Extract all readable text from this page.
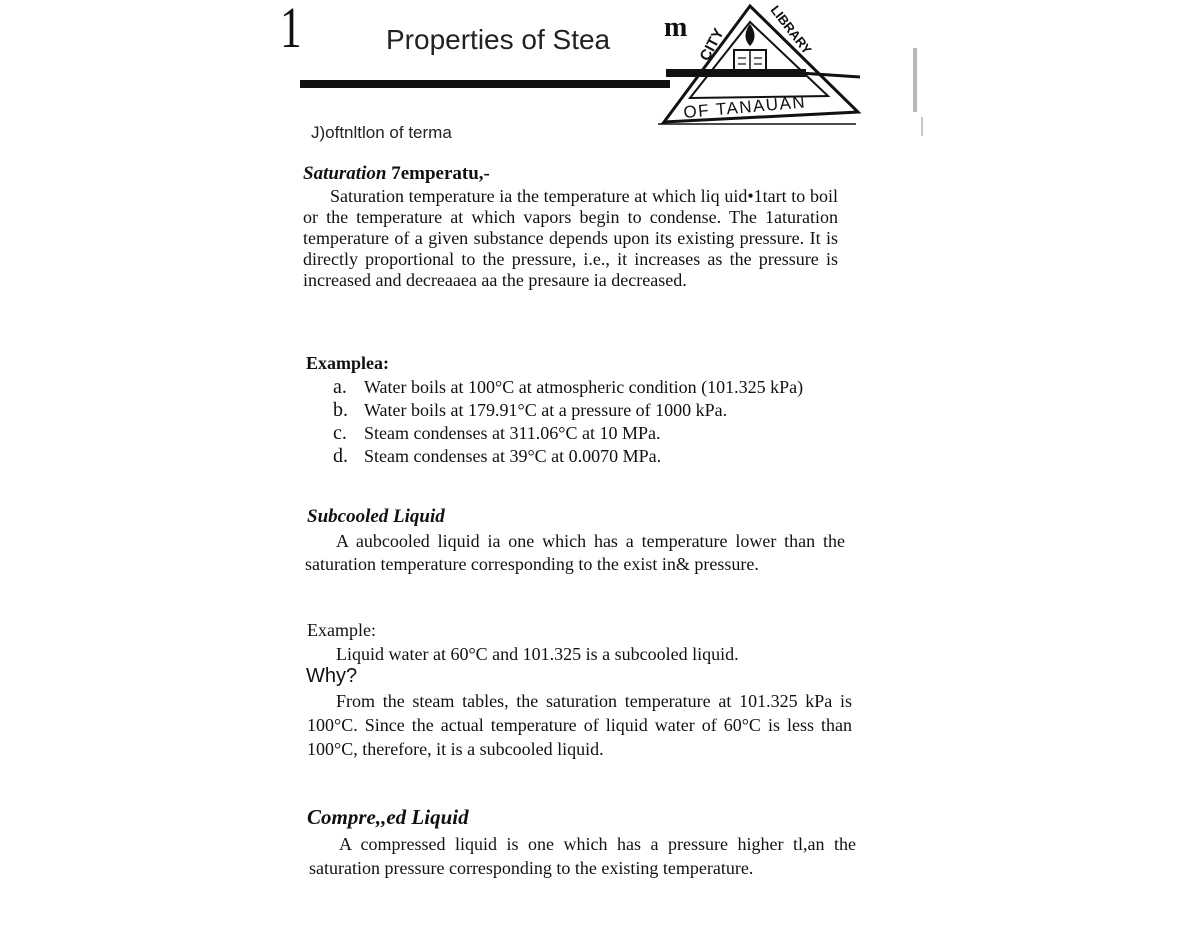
1	Properties of Stea m CITY	LIBRARY
OF TANAUAN
J)oftnltlon of terma
Saturation 7emperatu,-
Saturation temperature ia the temperature at which liq uid•1tart to boil or the temperature at which vapors begin to condense. The 1aturation temperature of a given substance depends upon its existing pressure. It is directly proportional to the pressure, i.e., it increases as the pressure is increased and decreaaea aa the presaure ia decreased.
Examplea:
a. Water boils at 100°C at atmospheric condition (101.325 kPa)
b. Water boils at 179.91°C at a pressure of 1000 kPa.
c. Steam condenses at 311.06°C at 10 MPa.
d. Steam condenses at 39°C at 0.0070 MPa.
Subcooled Liquid
A aubcooled liquid ia one which has a temperature lower than the saturation temperature corresponding to the exist in& pressure.
Example:
Liquid water at 60°C and 101.325 is a subcooled liquid.
Why?
From the steam tables, the saturation temperature at 101.325 kPa is 100°C. Since the actual temperature of liquid water of 60°C is less than 100°C, therefore, it is a subcooled liquid.
Compre,,ed Liquid
A compressed liquid is one which has a pressure higher tl,an the saturation pressure corresponding to the existing temperature.
